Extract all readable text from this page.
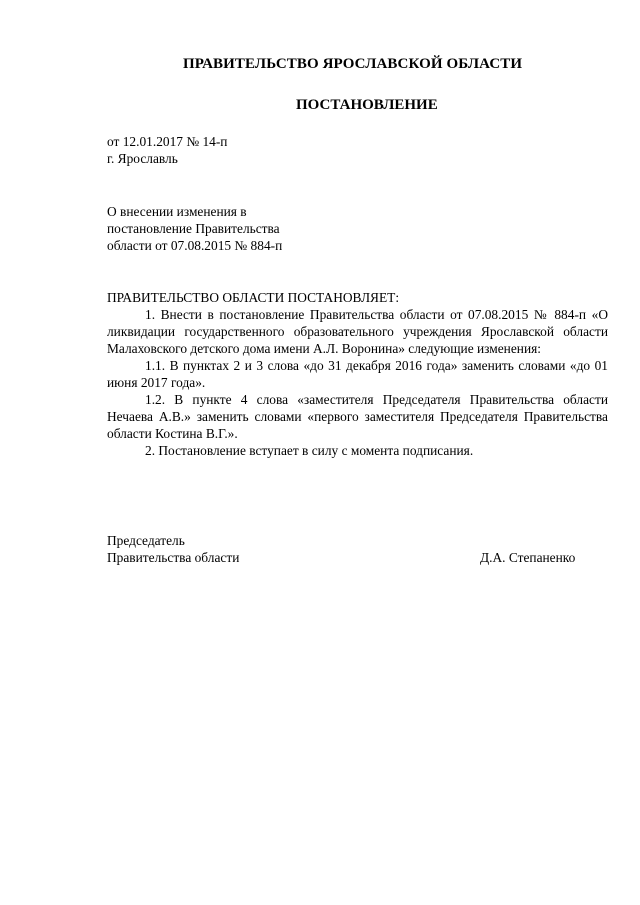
ПРАВИТЕЛЬСТВО ЯРОСЛАВСКОЙ ОБЛАСТИ
ПОСТАНОВЛЕНИЕ
от 12.01.2017 № 14-п
г. Ярославль
О внесении изменения в
постановление Правительства
области от 07.08.2015 № 884-п

ПРАВИТЕЛЬСТВО ОБЛАСТИ ПОСТАНОВЛЯЕТ:

1. Внести в постановление Правительства области от 07.08.2015 № 884-п «О ликвидации государственного образовательного учреждения Ярославской области Малаховского детского дома имени А.Л. Воронина» следующие изменения:

1.1. В пунктах 2 и 3 слова «до 31 декабря 2016 года» заменить словами «до 01 июня 2017 года».

1.2. В пункте 4 слова «заместителя Председателя Правительства области Нечаева А.В.» заменить словами «первого заместителя Председателя Правительства области Костина В.Г.».

2. Постановление вступает в силу с момента подписания.

Председатель
Правительства области	Д.А. Степаненко
